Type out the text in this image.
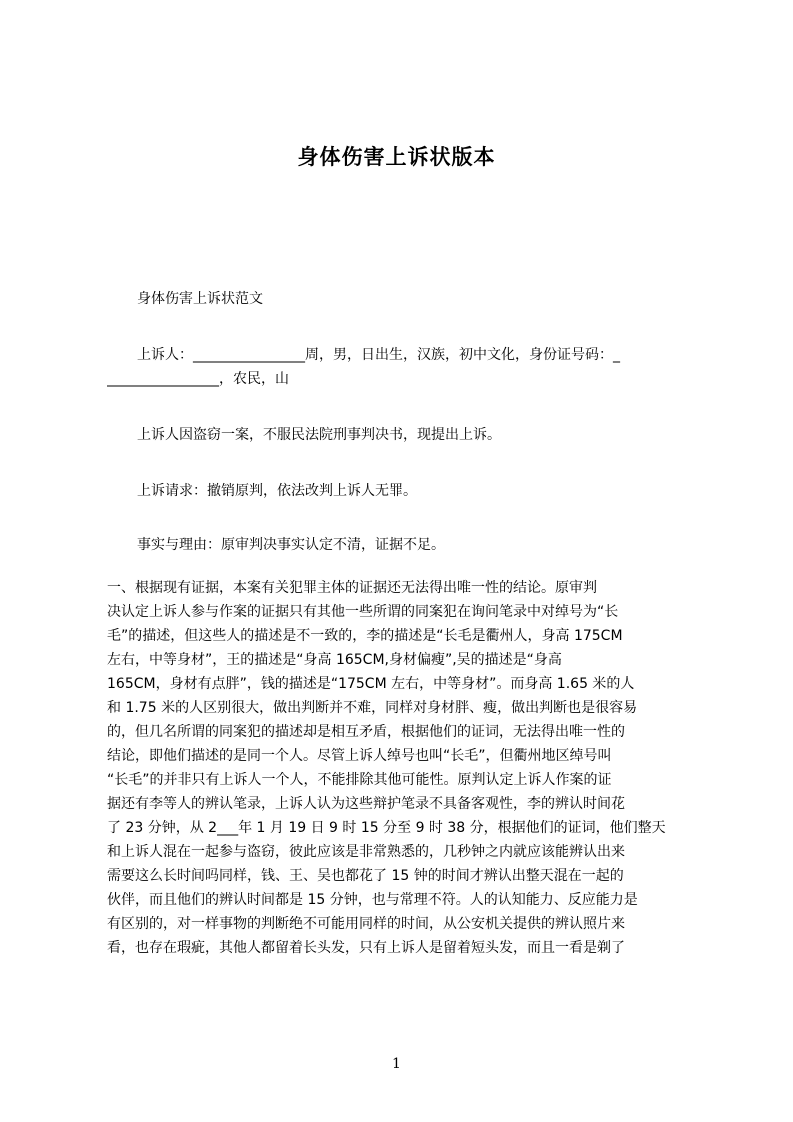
身体伤害上诉状版本
身体伤害上诉状范文
上诉人：________________周，男，日出生，汉族，初中文化，身份证号码：_
________________，农民，山
上诉人因盗窃一案，不服民法院刑事判决书，现提出上诉。
上诉请求：撤销原判，依法改判上诉人无罪。
事实与理由：原审判决事实认定不清，证据不足。
一、根据现有证据，本案有关犯罪主体的证据还无法得出唯一性的结论。原审判
决认定上诉人参与作案的证据只有其他一些所谓的同案犯在询问笔录中对绰号为“长
毛”的描述，但这些人的描述是不一致的，李的描述是“长毛是衢州人，身高 175CM
左右，中等身材”，王的描述是“身高 165CM,身材偏瘦”,吴的描述是“身高
165CM，身材有点胖”，钱的描述是“175CM 左右，中等身材”。而身高 1.65 米的人
和 1.75 米的人区别很大，做出判断并不难，同样对身材胖、瘦，做出判断也是很容易
的，但几名所谓的同案犯的描述却是相互矛盾，根据他们的证词，无法得出唯一性的
结论，即他们描述的是同一个人。尽管上诉人绰号也叫“长毛”，但衢州地区绰号叫
“长毛”的并非只有上诉人一个人，不能排除其他可能性。原判认定上诉人作案的证
据还有李等人的辨认笔录，上诉人认为这些辩护笔录不具备客观性，李的辨认时间花
了 23 分钟，从 2___年 1 月 19 日 9 时 15 分至 9 时 38 分，根据他们的证词，他们整天
和上诉人混在一起参与盗窃，彼此应该是非常熟悉的，几秒钟之内就应该能辨认出来
需要这么长时间吗同样，钱、王、吴也都花了 15 钟的时间才辨认出整天混在一起的
伙伴，而且他们的辨认时间都是 15 分钟，也与常理不符。人的认知能力、反应能力是
有区别的，对一样事物的判断绝不可能用同样的时间，从公安机关提供的辨认照片来
看，也存在瑕疵，其他人都留着长头发，只有上诉人是留着短头发，而且一看是剃了
1
